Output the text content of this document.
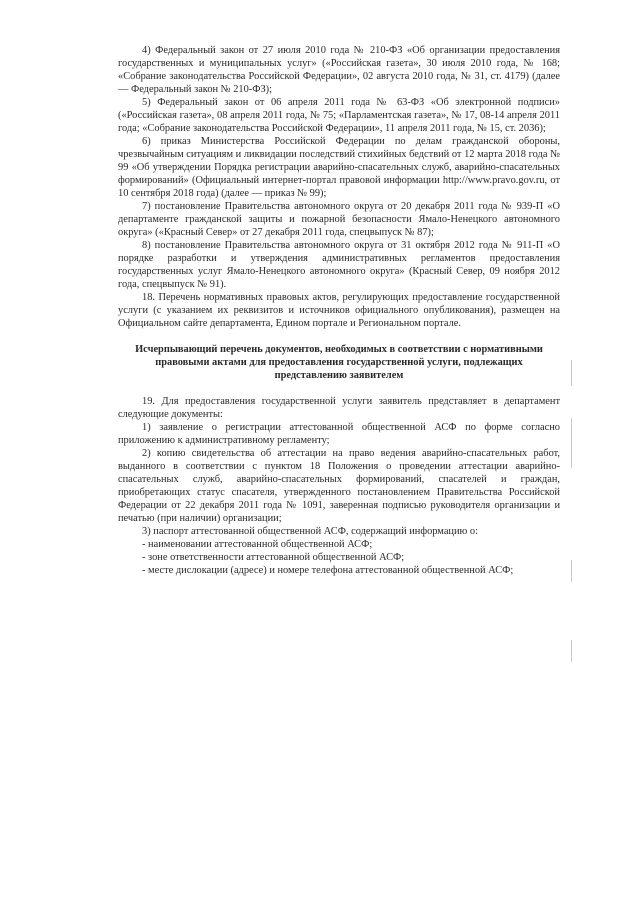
4) Федеральный закон от 27 июля 2010 года № 210-ФЗ «Об организации предоставления государственных и муниципальных услуг» («Российская газета», 30 июля 2010 года, № 168; «Собрание законодательства Российской Федерации», 02 августа 2010 года, № 31, ст. 4179) (далее — Федеральный закон № 210-ФЗ);

5) Федеральный закон от 06 апреля 2011 года № 63-ФЗ «Об электронной подписи» («Российская газета», 08 апреля 2011 года, № 75; «Парламентская газета», № 17, 08-14 апреля 2011 года; «Собрание законодательства Российской Федерации», 11 апреля 2011 года, № 15, ст. 2036);

6) приказ Министерства Российской Федерации по делам гражданской обороны, чрезвычайным ситуациям и ликвидации последствий стихийных бедствий от 12 марта 2018 года № 99 «Об утверждении Порядка регистрации аварийно-спасательных служб, аварийно-спасательных формирований» (Официальный интернет-портал правовой информации http://www.pravo.gov.ru, от 10 сентября 2018 года) (далее — приказ № 99);

7) постановление Правительства автономного округа от 20 декабря 2011 года № 939-П «О департаменте гражданской защиты и пожарной безопасности Ямало-Ненецкого автономного округа» («Красный Север» от 27 декабря 2011 года, спецвыпуск № 87);

8) постановление Правительства автономного округа от 31 октября 2012 года № 911-П «О порядке разработки и утверждения административных регламентов предоставления государственных услуг Ямало-Ненецкого автономного округа» (Красный Север, 09 ноября 2012 года, спецвыпуск № 91).

18. Перечень нормативных правовых актов, регулирующих предоставление государственной услуги (с указанием их реквизитов и источников официального опубликования), размещен на Официальном сайте департамента, Едином портале и Региональном портале.

Исчерпывающий перечень документов, необходимых в соответствии с нормативными правовыми актами для предоставления государственной услуги, подлежащих представлению заявителем

19. Для предоставления государственной услуги заявитель представляет в департамент следующие документы:

1) заявление о регистрации аттестованной общественной АСФ по форме согласно приложению к административному регламенту;

2) копию свидетельства об аттестации на право ведения аварийно-спасательных работ, выданного в соответствии с пунктом 18 Положения о проведении аттестации аварийно-спасательных служб, аварийно-спасательных формирований, спасателей и граждан, приобретающих статус спасателя, утвержденного постановлением Правительства Российской Федерации от 22 декабря 2011 года № 1091, заверенная подписью руководителя организации и печатью (при наличии) организации;

3) паспорт аттестованной общественной АСФ, содержащий информацию о:

- наименовании аттестованной общественной АСФ;

- зоне ответственности аттестованной общественной АСФ;

- месте дислокации (адресе) и номере телефона аттестованной общественной АСФ;
